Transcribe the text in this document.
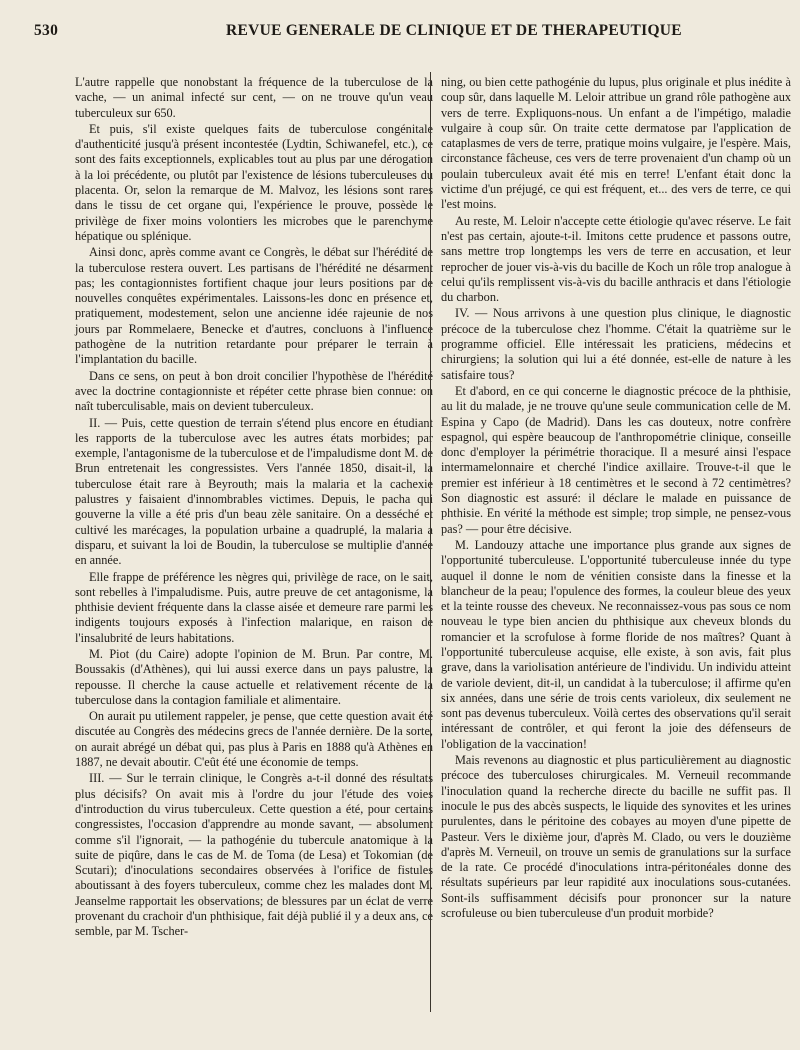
530	REVUE GENERALE DE CLINIQUE ET DE THERAPEUTIQUE

L'autre rappelle que nonobstant la fréquence de la tuberculose de la vache, — un animal infecté sur cent, — on ne trouve qu'un veau tuberculeux sur 650.

Et puis, s'il existe quelques faits de tuberculose congénitale d'authenticité jusqu'à présent incontestée (Lydtin, Schiwanefel, etc.), ce sont des faits exceptionnels, explicables tout au plus par une dérogation à la loi précédente, ou plutôt par l'existence de lésions tuberculeuses du placenta. Or, selon la remarque de M. Malvoz, les lésions sont rares dans le tissu de cet organe qui, l'expérience le prouve, possède le privilège de fixer moins volontiers les microbes que le parenchyme hépatique ou splénique.

Ainsi donc, après comme avant ce Congrès, le débat sur l'hérédité de la tuberculose restera ouvert. Les partisans de l'hérédité ne désarment pas; les contagionnistes fortifient chaque jour leurs positions par de nouvelles conquêtes expérimentales. Laissons-les donc en présence et, pratiquement, modestement, selon une ancienne idée rajeunie de nos jours par Rommelaere, Benecke et d'autres, concluons à l'influence pathogène de la nutrition retardante pour préparer le terrain à l'implantation du bacille.

Dans ce sens, on peut à bon droit concilier l'hypothèse de l'hérédité avec la doctrine contagionniste et répéter cette phrase bien connue: on naît tuberculisable, mais on devient tuberculeux.

II. — Puis, cette question de terrain s'étend plus encore en étudiant les rapports de la tuberculose avec les autres états morbides; par exemple, l'antagonisme de la tuberculose et de l'impaludisme dont M. de Brun entretenait les congressistes. Vers l'année 1850, disait-il, la tuberculose était rare à Beyrouth; mais la malaria et la cachexie palustres y faisaient d'innombrables victimes. Depuis, le pacha qui gouverne la ville a été pris d'un beau zèle sanitaire. On a desséché et cultivé les marécages, la population urbaine a quadruplé, la malaria a disparu, et suivant la loi de Boudin, la tuberculose se multiplie d'année en année.

Elle frappe de préférence les nègres qui, privilège de race, on le sait, sont rebelles à l'impaludisme. Puis, autre preuve de cet antagonisme, la phthisie devient fréquente dans la classe aisée et demeure rare parmi les indigents toujours exposés à l'infection malarique, en raison de l'insalubrité de leurs habitations.

M. Piot (du Caire) adopte l'opinion de M. Brun. Par contre, M. Boussakis (d'Athènes), qui lui aussi exerce dans un pays palustre, la repousse. Il cherche la cause actuelle et relativement récente de la tuberculose dans la contagion familiale et alimentaire.

On aurait pu utilement rappeler, je pense, que cette question avait été discutée au Congrès des médecins grecs de l'année dernière. De la sorte, on aurait abrégé un débat qui, pas plus à Paris en 1888 qu'à Athènes en 1887, ne devait aboutir. C'eût été une économie de temps.

III. — Sur le terrain clinique, le Congrès a-t-il donné des résultats plus décisifs? On avait mis à l'ordre du jour l'étude des voies d'introduction du virus tuberculeux. Cette question a été, pour certains congressistes, l'occasion d'apprendre au monde savant, — absolument comme s'il l'ignorait, — la pathogénie du tubercule anatomique à la suite de piqûre, dans le cas de M. de Toma (de Lesa) et Tokomian (de Scutari); d'inoculations secondaires observées à l'orifice de fistules aboutissant à des foyers tuberculeux, comme chez les malades dont M. Jeanselme rapportait les observations; de blessures par un éclat de verre provenant du crachoir d'un phthisique, fait déjà publié il y a deux ans, ce semble, par M. Tscher-

ning, ou bien cette pathogénie du lupus, plus originale et plus inédite à coup sûr, dans laquelle M. Leloir attribue un grand rôle pathogène aux vers de terre. Expliquons-nous. Un enfant a de l'impétigo, maladie vulgaire à coup sûr. On traite cette dermatose par l'application de cataplasmes de vers de terre, pratique moins vulgaire, je l'espère. Mais, circonstance fâcheuse, ces vers de terre provenaient d'un champ où un poulain tuberculeux avait été mis en terre! L'enfant était donc la victime d'un préjugé, ce qui est fréquent, et... des vers de terre, ce qui l'est moins.

Au reste, M. Leloir n'accepte cette étiologie qu'avec réserve. Le fait n'est pas certain, ajoute-t-il. Imitons cette prudence et passons outre, sans mettre trop longtemps les vers de terre en accusation, et leur reprocher de jouer vis-à-vis du bacille de Koch un rôle trop analogue à celui qu'ils remplissent vis-à-vis du bacille anthracis et dans l'étiologie du charbon.

IV. — Nous arrivons à une question plus clinique, le diagnostic précoce de la tuberculose chez l'homme. C'était la quatrième sur le programme officiel. Elle intéressait les praticiens, médecins et chirurgiens; la solution qui lui a été donnée, est-elle de nature à les satisfaire tous?

Et d'abord, en ce qui concerne le diagnostic précoce de la phthisie, au lit du malade, je ne trouve qu'une seule communication celle de M. Espina y Capo (de Madrid). Dans les cas douteux, notre confrère espagnol, qui espère beaucoup de l'anthropométrie clinique, conseille donc d'employer la périmétrie thoracique. Il a mesuré ainsi l'espace intermamelonnaire et cherché l'indice axillaire. Trouve-t-il que le premier est inférieur à 18 centimètres et le second à 72 centimètres? Son diagnostic est assuré: il déclare le malade en puissance de phthisie. En vérité la méthode est simple; trop simple, ne pensez-vous pas? — pour être décisive.

M. Landouzy attache une importance plus grande aux signes de l'opportunité tuberculeuse. L'opportunité tuberculeuse innée du type auquel il donne le nom de vénitien consiste dans la finesse et la blancheur de la peau; l'opulence des formes, la couleur bleue des yeux et la teinte rousse des cheveux. Ne reconnaissez-vous pas sous ce nom nouveau le type bien ancien du phthisique aux cheveux blonds du romancier et la scrofulose à forme floride de nos maîtres? Quant à l'opportunité tuberculeuse acquise, elle existe, à son avis, fait plus grave, dans la variolisation antérieure de l'individu. Un individu atteint de variole devient, dit-il, un candidat à la tuberculose; il affirme qu'en six années, dans une série de trois cents varioleux, dix seulement ne sont pas devenus tuberculeux. Voilà certes des observations qu'il serait intéressant de contrôler, et qui feront la joie des défenseurs de l'obligation de la vaccination!

Mais revenons au diagnostic et plus particulièrement au diagnostic précoce des tuberculoses chirurgicales. M. Verneuil recommande l'inoculation quand la recherche directe du bacille ne suffit pas. Il inocule le pus des abcès suspects, le liquide des synovites et les urines purulentes, dans le péritoine des cobayes au moyen d'une pipette de Pasteur. Vers le dixième jour, d'après M. Clado, ou vers le douzième d'après M. Verneuil, on trouve un semis de granulations sur la surface de la rate. Ce procédé d'inoculations intra-péritonéales donne des résultats supérieurs par leur rapidité aux inoculations sous-cutanées. Sont-ils suffisamment décisifs pour prononcer sur la nature scrofuleuse ou bien tuberculeuse d'un produit morbide?
